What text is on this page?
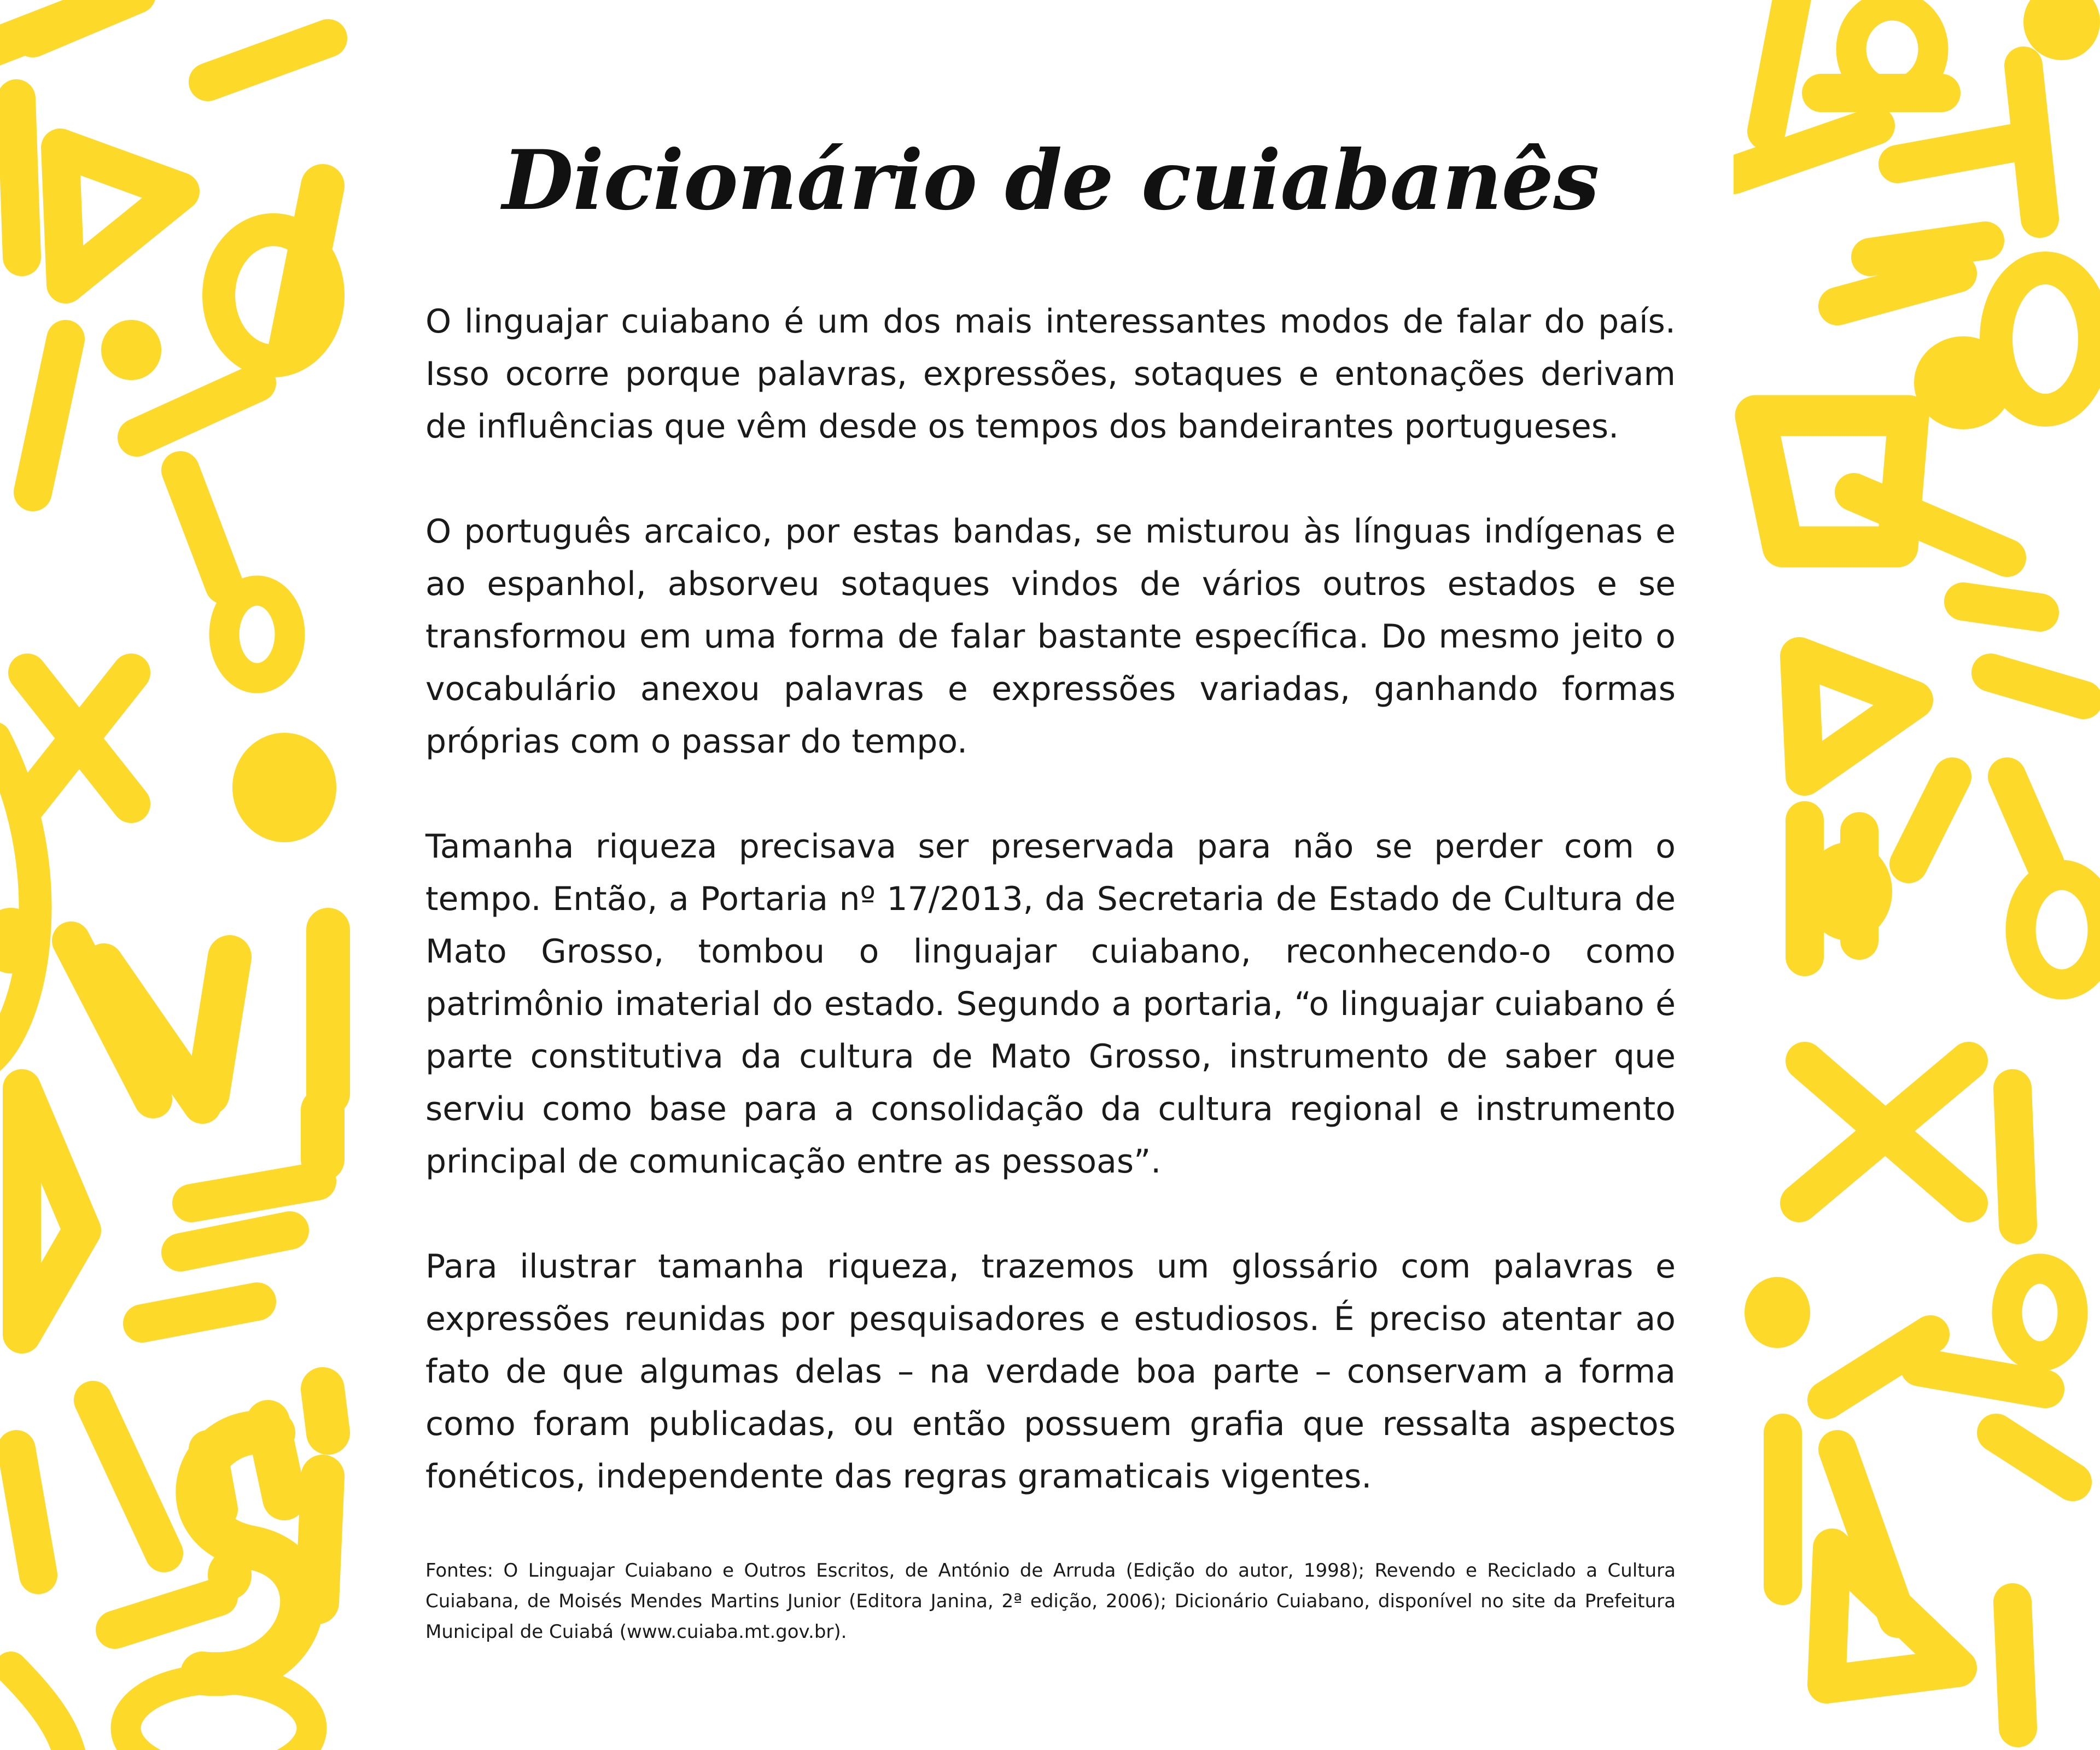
Dicionário de cuiabanês

O linguajar cuiabano é um dos mais interessantes modos de falar do país. Isso ocorre porque palavras, expressões, sotaques e entonações derivam de influências que vêm desde os tempos dos bandeirantes portugueses.

O português arcaico, por estas bandas, se misturou às línguas indígenas e ao espanhol, absorveu sotaques vindos de vários outros estados e se transformou em uma forma de falar bastante específica. Do mesmo jeito o vocabulário anexou palavras e expressões variadas, ganhando formas próprias com o passar do tempo.

Tamanha riqueza precisava ser preservada para não se perder com o tempo. Então, a Portaria nº 17/2013, da Secretaria de Estado de Cultura de Mato Grosso, tombou o linguajar cuiabano, reconhecendo-o como patrimônio imaterial do estado. Segundo a portaria, “o linguajar cuiabano é parte constitutiva da cultura de Mato Grosso, instrumento de saber que serviu como base para a consolidação da cultura regional e instrumento principal de comunicação entre as pessoas”.

Para ilustrar tamanha riqueza, trazemos um glossário com palavras e expressões reunidas por pesquisadores e estudiosos. É preciso atentar ao fato de que algumas delas – na verdade boa parte – conservam a forma como foram publicadas, ou então possuem grafia que ressalta aspectos fonéticos, independente das regras gramaticais vigentes.

Fontes: O Linguajar Cuiabano e Outros Escritos, de António de Arruda (Edição do autor, 1998); Revendo e Reciclado a Cultura Cuiabana, de Moisés Mendes Martins Junior (Editora Janina, 2ª edição, 2006); Dicionário Cuiabano, disponível no site da Prefeitura Municipal de Cuiabá (www.cuiaba.mt.gov.br).
